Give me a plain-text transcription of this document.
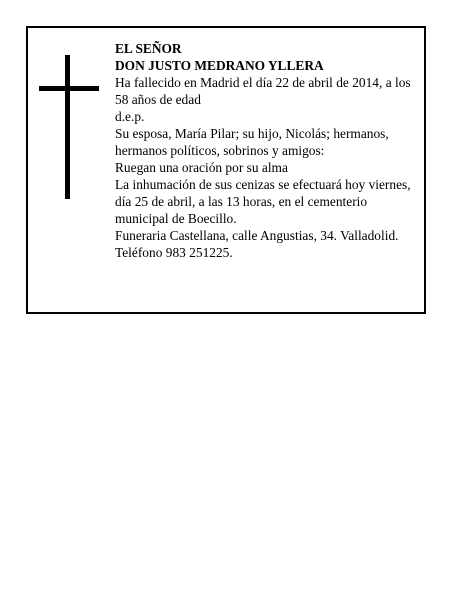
EL SEÑOR

DON JUSTO MEDRANO YLLERA

Ha fallecido en Madrid el día 22 de abril de 2014, a los 58 años de edad

d.e.p.

Su esposa, María Pilar; su hijo, Nicolás; hermanos, hermanos políticos, sobrinos y amigos:

Ruegan una oración por su alma

La inhumación de sus cenizas se efectuará hoy viernes, día 25 de abril, a las 13 horas, en el cementerio municipal de Boecillo.

Funeraria Castellana, calle Angustias, 34. Valladolid.

Teléfono 983 251225.
